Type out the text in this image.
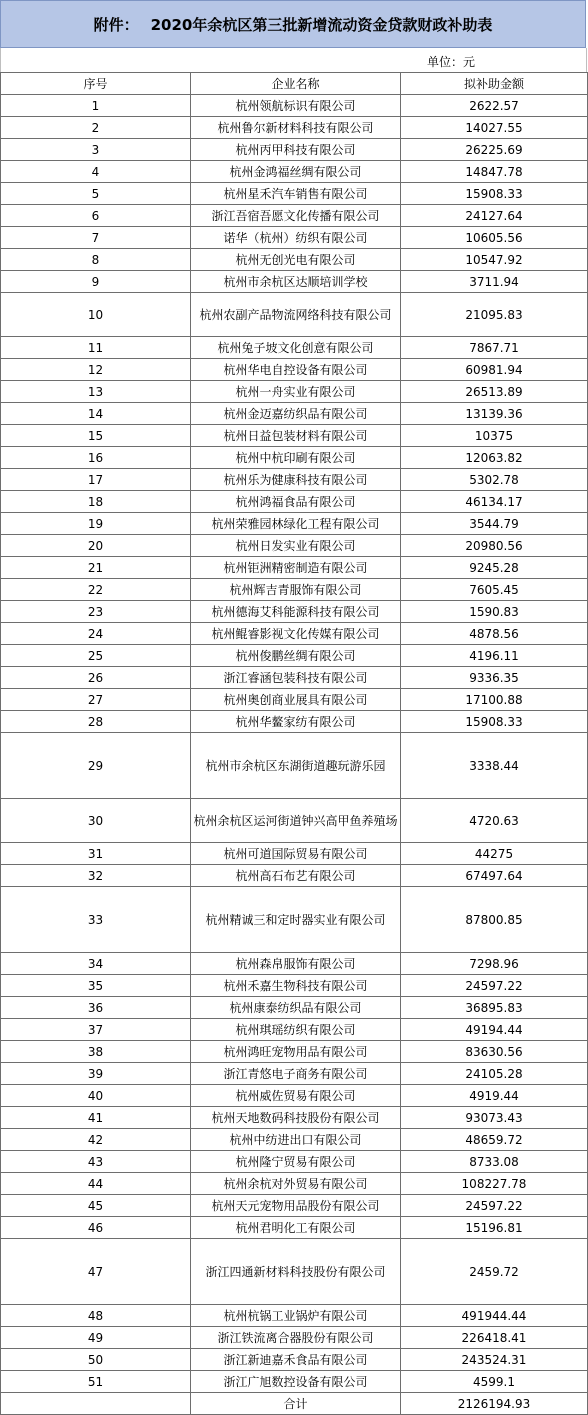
附件： 2020年余杭区第三批新增流动资金贷款财政补助表
单位：元
序号	企业名称	拟补助金额
1	杭州领航标识有限公司	2622.57
2	杭州鲁尔新材料科技有限公司	14027.55
3	杭州丙甲科技有限公司	26225.69
4	杭州金鸿福丝绸有限公司	14847.78
5	杭州星禾汽车销售有限公司	15908.33
6	浙江吾宿吾愿文化传播有限公司	24127.64
7	诺华（杭州）纺织有限公司	10605.56
8	杭州无创光电有限公司	10547.92
9	杭州市余杭区达顺培训学校	3711.94
10	杭州农副产品物流网络科技有限公司	21095.83
11	杭州兔子坡文化创意有限公司	7867.71
12	杭州华电自控设备有限公司	60981.94
13	杭州一舟实业有限公司	26513.89
14	杭州金迈嘉纺织品有限公司	13139.36
15	杭州日益包装材料有限公司	10375
16	杭州中杭印刷有限公司	12063.82
17	杭州乐为健康科技有限公司	5302.78
18	杭州鸿福食品有限公司	46134.17
19	杭州荣雅园林绿化工程有限公司	3544.79
20	杭州日发实业有限公司	20980.56
21	杭州钜洲精密制造有限公司	9245.28
22	杭州辉吉青服饰有限公司	7605.45
23	杭州德海艾科能源科技有限公司	1590.83
24	杭州鲲睿影视文化传媒有限公司	4878.56
25	杭州俊鹏丝绸有限公司	4196.11
26	浙江睿涵包装科技有限公司	9336.35
27	杭州奥创商业展具有限公司	17100.88
28	杭州华鳌家纺有限公司	15908.33
29	杭州市余杭区东湖街道趣玩游乐园	3338.44
30	杭州余杭区运河街道钟兴高甲鱼养殖场	4720.63
31	杭州可道国际贸易有限公司	44275
32	杭州高石布艺有限公司	67497.64
33	杭州精诚三和定时器实业有限公司	87800.85
34	杭州森帛服饰有限公司	7298.96
35	杭州禾嘉生物科技有限公司	24597.22
36	杭州康泰纺织品有限公司	36895.83
37	杭州琪瑶纺织有限公司	49194.44
38	杭州鸿旺宠物用品有限公司	83630.56
39	浙江青悠电子商务有限公司	24105.28
40	杭州威佐贸易有限公司	4919.44
41	杭州天地数码科技股份有限公司	93073.43
42	杭州中纺进出口有限公司	48659.72
43	杭州隆宁贸易有限公司	8733.08
44	杭州余杭对外贸易有限公司	108227.78
45	杭州天元宠物用品股份有限公司	24597.22
46	杭州君明化工有限公司	15196.81
47	浙江四通新材料科技股份有限公司	2459.72
48	杭州杭锅工业锅炉有限公司	491944.44
49	浙江铁流离合器股份有限公司	226418.41
50	浙江新迪嘉禾食品有限公司	243524.31
51	浙江广旭数控设备有限公司	4599.1
	合计	2126194.93
